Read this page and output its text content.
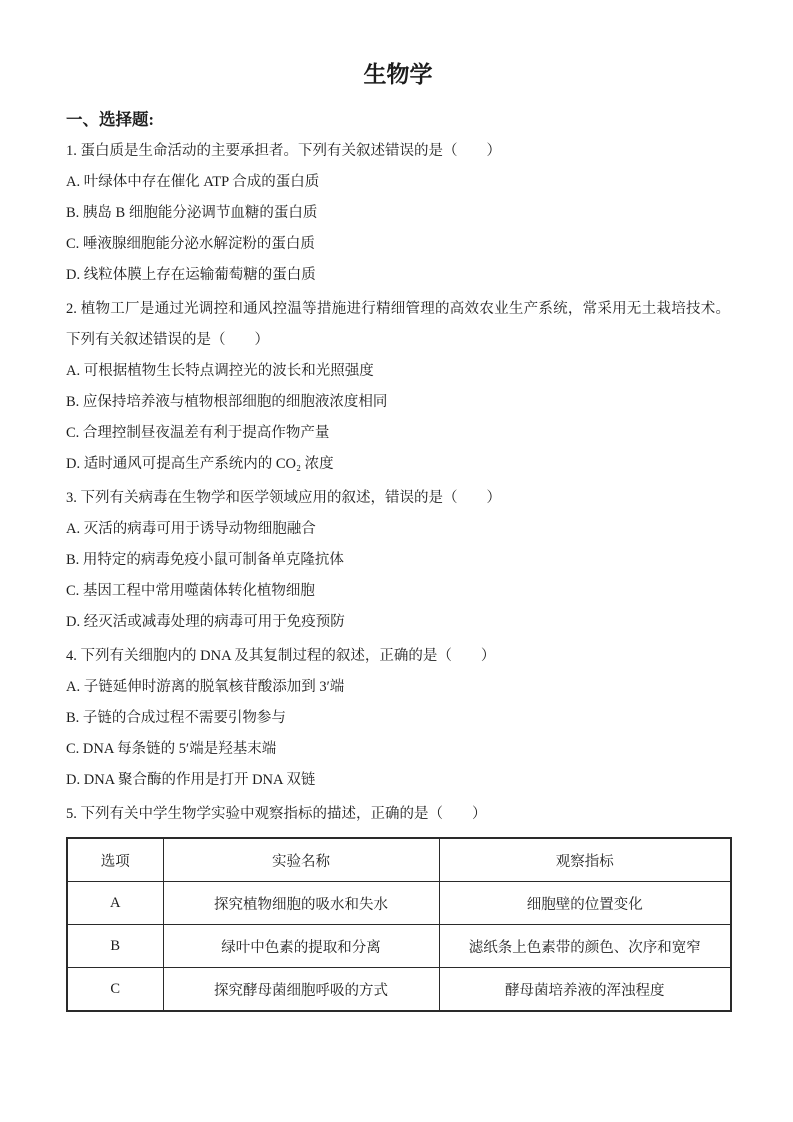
生物学
一、选择题:

1. 蛋白质是生命活动的主要承担者。下列有关叙述错误的是（　　）

A. 叶绿体中存在催化 ATP 合成的蛋白质

B. 胰岛 B 细胞能分泌调节血糖的蛋白质

C. 唾液腺细胞能分泌水解淀粉的蛋白质

D. 线粒体膜上存在运输葡萄糖的蛋白质

2. 植物工厂是通过光调控和通风控温等措施进行精细管理的高效农业生产系统，常采用无土栽培技术。下列有关叙述错误的是（　　）

A. 可根据植物生长特点调控光的波长和光照强度

B. 应保持培养液与植物根部细胞的细胞液浓度相同

C. 合理控制昼夜温差有利于提高作物产量

D. 适时通风可提高生产系统内的 CO₂ 浓度

3. 下列有关病毒在生物学和医学领域应用的叙述，错误的是（　　）

A. 灭活的病毒可用于诱导动物细胞融合

B. 用特定的病毒免疫小鼠可制备单克隆抗体

C. 基因工程中常用噬菌体转化植物细胞

D. 经灭活或减毒处理的病毒可用于免疫预防

4. 下列有关细胞内的 DNA 及其复制过程的叙述，正确的是（　　）

A. 子链延伸时游离的脱氧核苷酸添加到 3′端

B. 子链的合成过程不需要引物参与

C. DNA 每条链的 5′端是羟基末端

D. DNA 聚合酶的作用是打开 DNA 双链

5. 下列有关中学生物学实验中观察指标的描述，正确的是（　　）

选项	实验名称	观察指标
A	探究植物细胞的吸水和失水	细胞壁的位置变化
B	绿叶中色素的提取和分离	滤纸条上色素带的颜色、次序和宽窄
C	探究酵母菌细胞呼吸的方式	酵母菌培养液的浑浊程度
